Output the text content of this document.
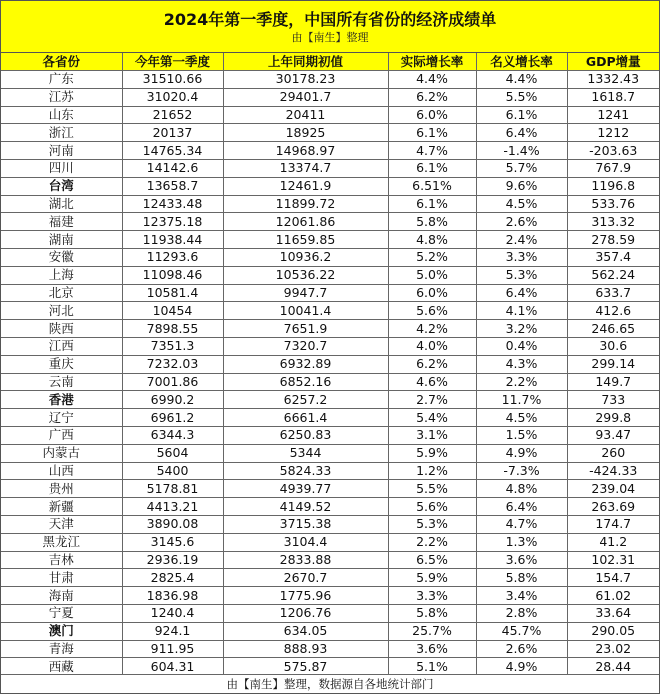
2024年第一季度，中国所有省份的经济成绩单
由【南生】整理
各省份	今年第一季度	上年同期初值	实际增长率	名义增长率	GDP增量
广东	31510.66	30178.23	4.4%	4.4%	1332.43
江苏	31020.4	29401.7	6.2%	5.5%	1618.7
山东	21652	20411	6.0%	6.1%	1241
浙江	20137	18925	6.1%	6.4%	1212
河南	14765.34	14968.97	4.7%	-1.4%	-203.63
四川	14142.6	13374.7	6.1%	5.7%	767.9
台湾	13658.7	12461.9	6.51%	9.6%	1196.8
湖北	12433.48	11899.72	6.1%	4.5%	533.76
福建	12375.18	12061.86	5.8%	2.6%	313.32
湖南	11938.44	11659.85	4.8%	2.4%	278.59
安徽	11293.6	10936.2	5.2%	3.3%	357.4
上海	11098.46	10536.22	5.0%	5.3%	562.24
北京	10581.4	9947.7	6.0%	6.4%	633.7
河北	10454	10041.4	5.6%	4.1%	412.6
陕西	7898.55	7651.9	4.2%	3.2%	246.65
江西	7351.3	7320.7	4.0%	0.4%	30.6
重庆	7232.03	6932.89	6.2%	4.3%	299.14
云南	7001.86	6852.16	4.6%	2.2%	149.7
香港	6990.2	6257.2	2.7%	11.7%	733
辽宁	6961.2	6661.4	5.4%	4.5%	299.8
广西	6344.3	6250.83	3.1%	1.5%	93.47
内蒙古	5604	5344	5.9%	4.9%	260
山西	5400	5824.33	1.2%	-7.3%	-424.33
贵州	5178.81	4939.77	5.5%	4.8%	239.04
新疆	4413.21	4149.52	5.6%	6.4%	263.69
天津	3890.08	3715.38	5.3%	4.7%	174.7
黑龙江	3145.6	3104.4	2.2%	1.3%	41.2
吉林	2936.19	2833.88	6.5%	3.6%	102.31
甘肃	2825.4	2670.7	5.9%	5.8%	154.7
海南	1836.98	1775.96	3.3%	3.4%	61.02
宁夏	1240.4	1206.76	5.8%	2.8%	33.64
澳门	924.1	634.05	25.7%	45.7%	290.05
青海	911.95	888.93	3.6%	2.6%	23.02
西藏	604.31	575.87	5.1%	4.9%	28.44
由【南生】整理，数据源自各地统计部门
